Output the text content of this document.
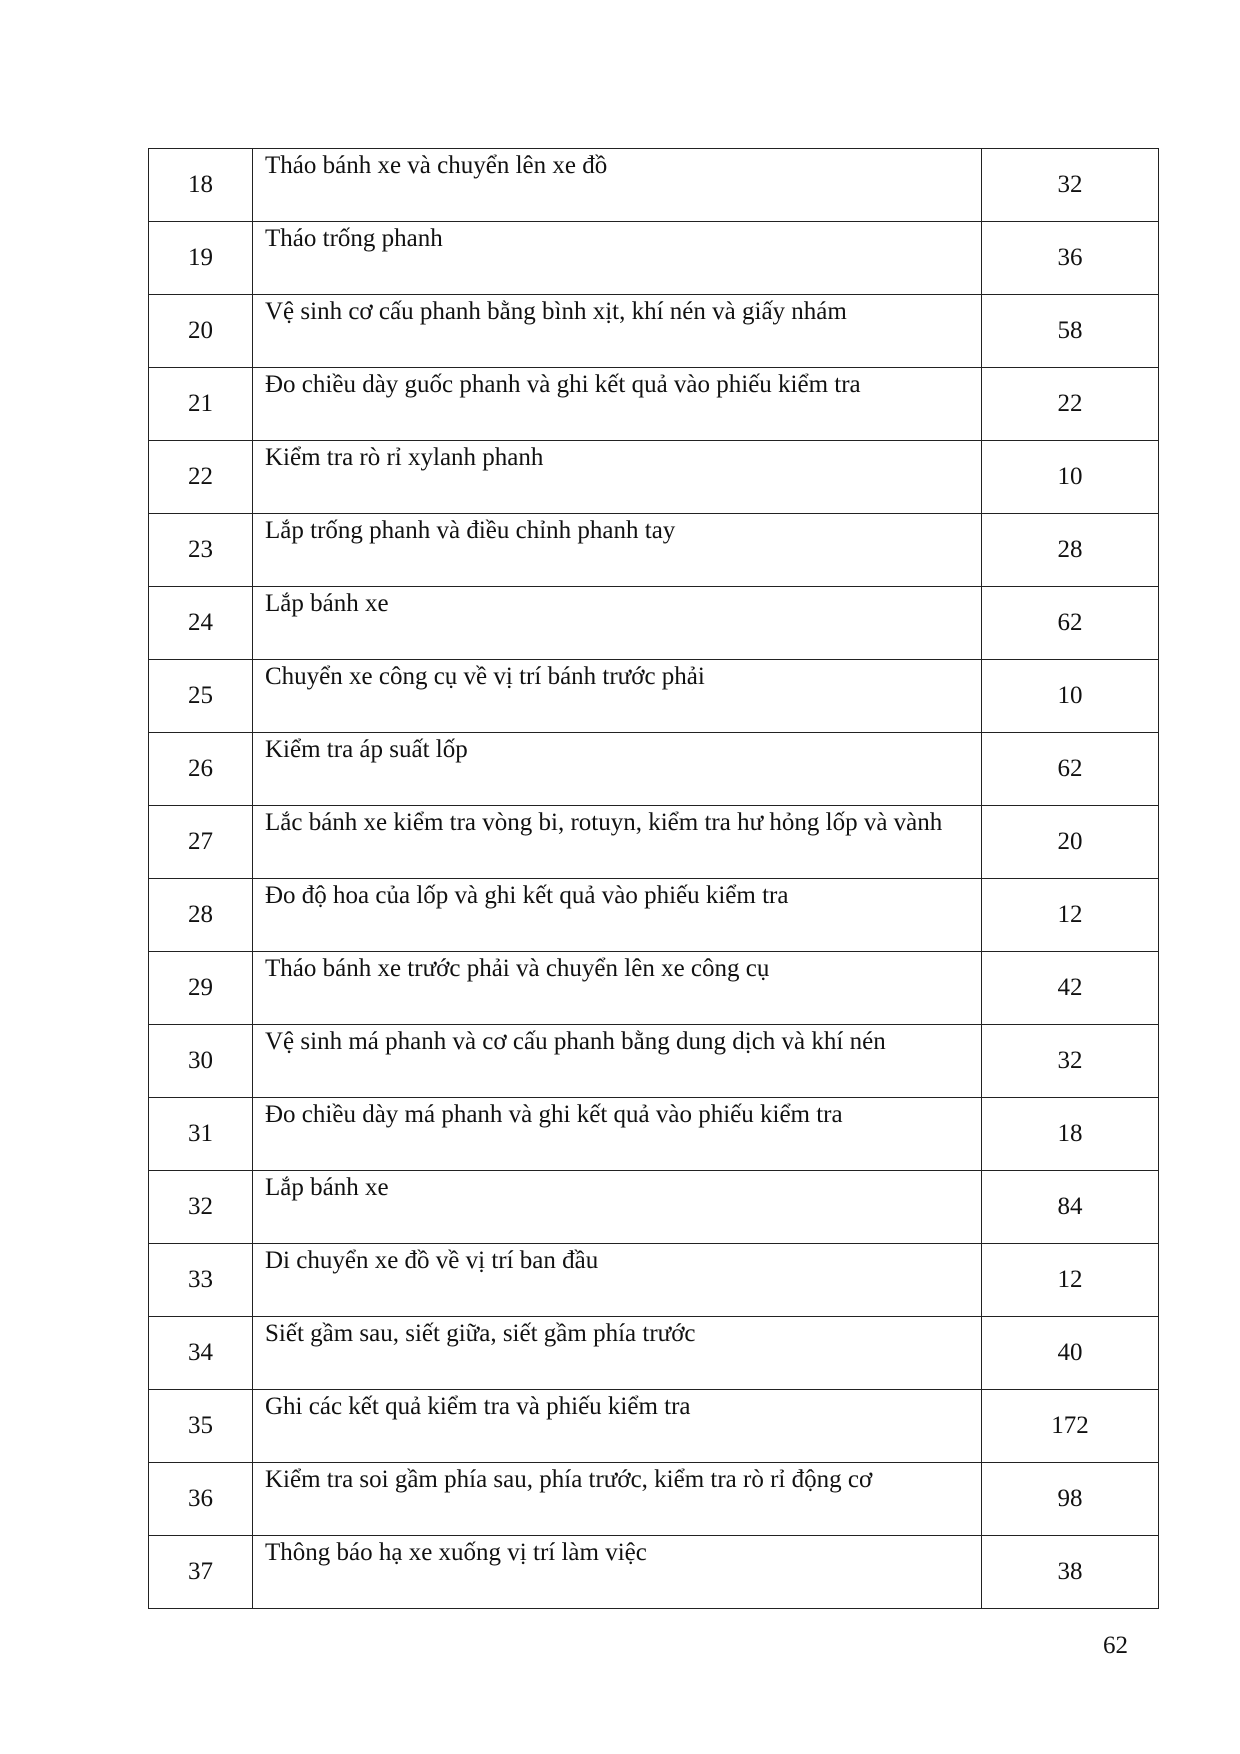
18	Tháo bánh xe và chuyển lên xe đồ	32
19	Tháo trống phanh	36
20	Vệ sinh cơ cấu phanh bằng bình xịt, khí nén và giấy nhám	58
21	Đo chiều dày guốc phanh và ghi kết quả vào phiếu kiểm tra	22
22	Kiểm tra rò rỉ xylanh phanh	10
23	Lắp trống phanh và điều chỉnh phanh tay	28
24	Lắp bánh xe	62
25	Chuyển xe công cụ về vị trí bánh trước phải	10
26	Kiểm tra áp suất lốp	62
27	Lắc bánh xe kiểm tra vòng bi, rotuyn, kiểm tra hư hỏng lốp và vành	20
28	Đo độ hoa của lốp và ghi kết quả vào phiếu kiểm tra	12
29	Tháo bánh xe trước phải và chuyển lên xe công cụ	42
30	Vệ sinh má phanh và cơ cấu phanh bằng dung dịch và khí nén	32
31	Đo chiều dày má phanh và ghi kết quả vào phiếu kiểm tra	18
32	Lắp bánh xe	84
33	Di chuyển xe đồ về vị trí ban đầu	12
34	Siết gầm sau, siết giữa, siết gầm phía trước	40
35	Ghi các kết quả kiểm tra và phiếu kiểm tra	172
36	Kiểm tra soi gầm phía sau, phía trước, kiểm tra rò rỉ động cơ	98
37	Thông báo hạ xe xuống vị trí làm việc	38
62
